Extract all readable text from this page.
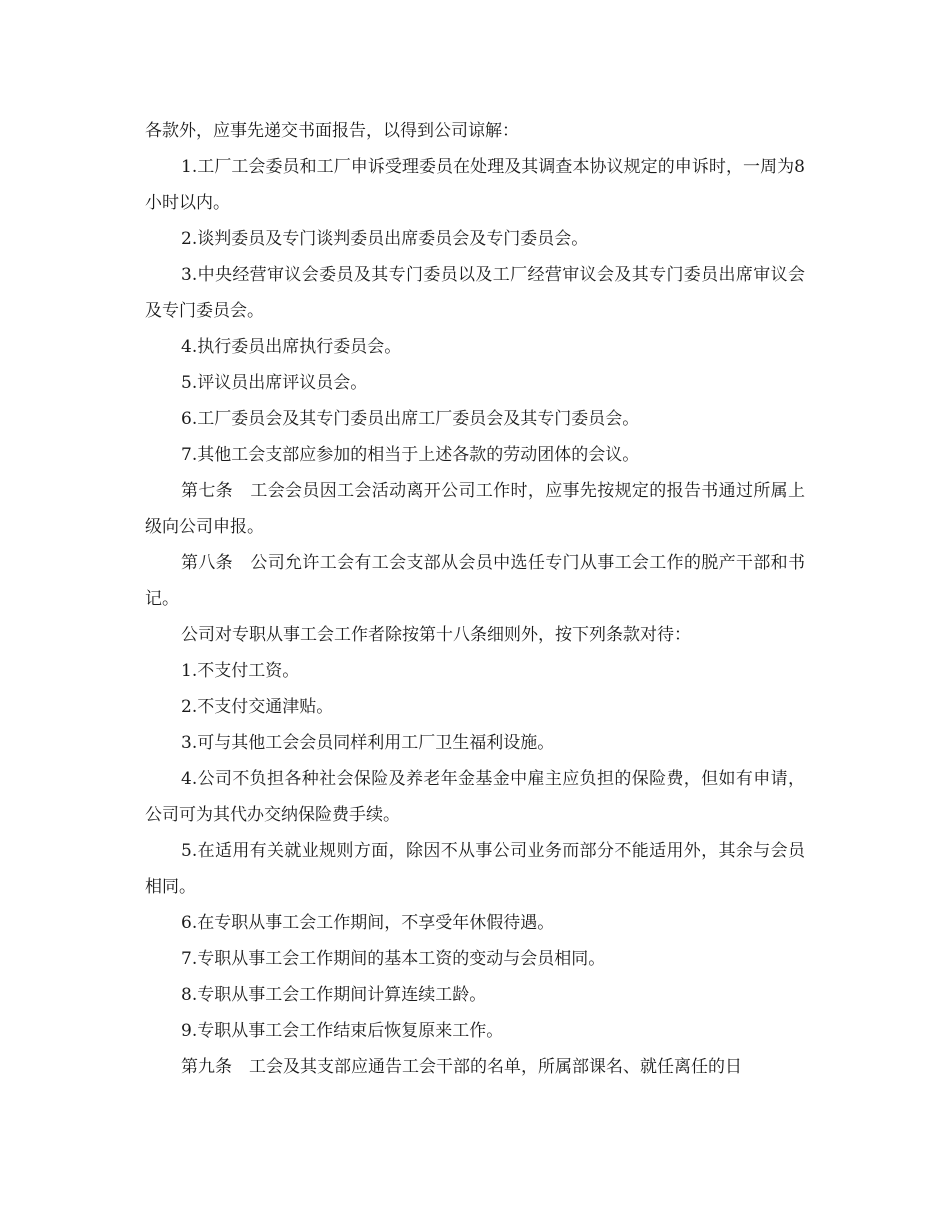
各款外，应事先递交书面报告，以得到公司谅解：

1.工厂工会委员和工厂申诉受理委员在处理及其调查本协议规定的申诉时，一周为8小时以内。

2.谈判委员及专门谈判委员出席委员会及专门委员会。

3.中央经营审议会委员及其专门委员以及工厂经营审议会及其专门委员出席审议会及专门委员会。

4.执行委员出席执行委员会。

5.评议员出席评议员会。

6.工厂委员会及其专门委员出席工厂委员会及其专门委员会。

7.其他工会支部应参加的相当于上述各款的劳动团体的会议。

第七条　工会会员因工会活动离开公司工作时，应事先按规定的报告书通过所属上级向公司申报。

第八条　公司允许工会有工会支部从会员中选任专门从事工会工作的脱产干部和书记。

公司对专职从事工会工作者除按第十八条细则外，按下列条款对待：

1.不支付工资。

2.不支付交通津贴。

3.可与其他工会会员同样利用工厂卫生福利设施。

4.公司不负担各种社会保险及养老年金基金中雇主应负担的保险费，但如有申请，公司可为其代办交纳保险费手续。

5.在适用有关就业规则方面，除因不从事公司业务而部分不能适用外，其余与会员相同。

6.在专职从事工会工作期间，不享受年休假待遇。

7.专职从事工会工作期间的基本工资的变动与会员相同。

8.专职从事工会工作期间计算连续工龄。

9.专职从事工会工作结束后恢复原来工作。

第九条　工会及其支部应通告工会干部的名单，所属部课名、就任离任的日
